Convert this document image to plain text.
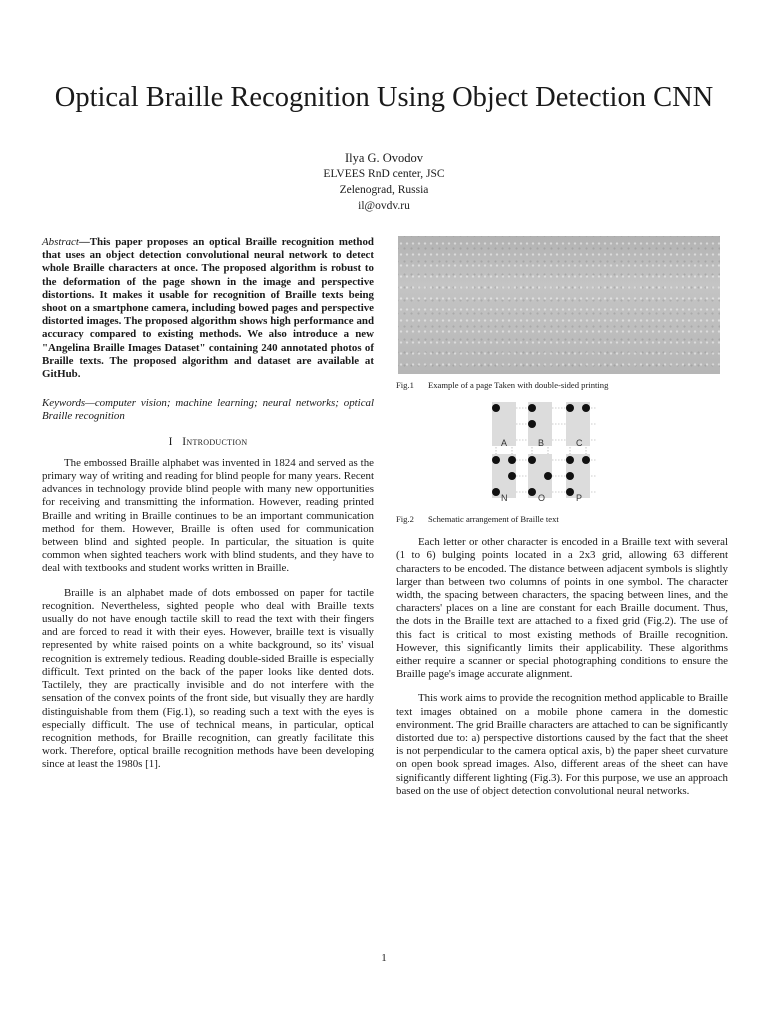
Optical Braille Recognition Using Object Detection CNN
Ilya G. Ovodov
ELVEES RnD center, JSC
Zelenograd, Russia
il@ovdv.ru

Abstract—This paper proposes an optical Braille recognition method that uses an object detection convolutional neural network to detect whole Braille characters at once. The proposed algorithm is robust to the deformation of the page shown in the image and perspective distortions. It makes it usable for recognition of Braille texts being shoot on a smartphone camera, including bowed pages and perspective distorted images. The proposed algorithm shows high performance and accuracy compared to existing methods. We also introduce a new "Angelina Braille Images Dataset" containing 240 annotated photos of Braille texts. The proposed algorithm and dataset are available at GitHub.

Keywords—computer vision; machine learning; neural networks; optical Braille recognition

I Introduction

The embossed Braille alphabet was invented in 1824 and served as the primary way of writing and reading for blind people for many years. Recent advances in technology provide blind people with many new opportunities for receiving and transmitting the information. However, reading printed Braille and writing in Braille continues to be an important communication method for them. However, Braille is often used for communication between blind and sighted people. In particular, the situation is quite common when sighted teachers work with blind students, and they have to deal with textbooks and student works written in Braille.

Braille is an alphabet made of dots embossed on paper for tactile recognition. Nevertheless, sighted people who deal with Braille texts usually do not have enough tactile skill to read the text with their fingers and are forced to read it with their eyes. However, braille text is visually represented by white raised points on a white background, so its' visual recognition is extremely tedious. Reading double-sided Braille is especially difficult. Text printed on the back of the paper looks like dented dots. Tactilely, they are practically invisible and do not interfere with the sensation of the convex points of the front side, but visually they are hardly distinguishable from them (Fig.1), so reading such a text with the eyes is especially difficult. The use of technical means, in particular, optical recognition methods, for Braille recognition, can greatly facilitate this work. Therefore, optical braille recognition methods have been developing since at least the 1980s [1].

Fig.1 Example of a page Taken with double-sided printing

A	B	C
N	O	P

Fig.2 Schematic arrangement of Braille text

Each letter or other character is encoded in a Braille text with several (1 to 6) bulging points located in a 2x3 grid, allowing 63 different characters to be encoded. The distance between adjacent symbols is slightly larger than between two columns of points in one symbol. The character width, the spacing between characters, the spacing between lines, and the characters' places on a line are constant for each Braille document. Thus, the dots in the Braille text are attached to a fixed grid (Fig.2). The use of this fact is critical to most existing methods of Braille recognition. However, this significantly limits their applicability. These algorithms either require a scanner or special photographing conditions to ensure the Braille page's image accurate alignment.

This work aims to provide the recognition method applicable to Braille text images obtained on a mobile phone camera in the domestic environment. The grid Braille characters are attached to can be significantly distorted due to: a) perspective distortions caused by the fact that the sheet is not perpendicular to the camera optical axis, b) the paper sheet curvature on open book spread images. Also, different areas of the sheet can have significantly different lighting (Fig.3). For this purpose, we use an approach based on the use of object detection convolutional neural networks.

1
